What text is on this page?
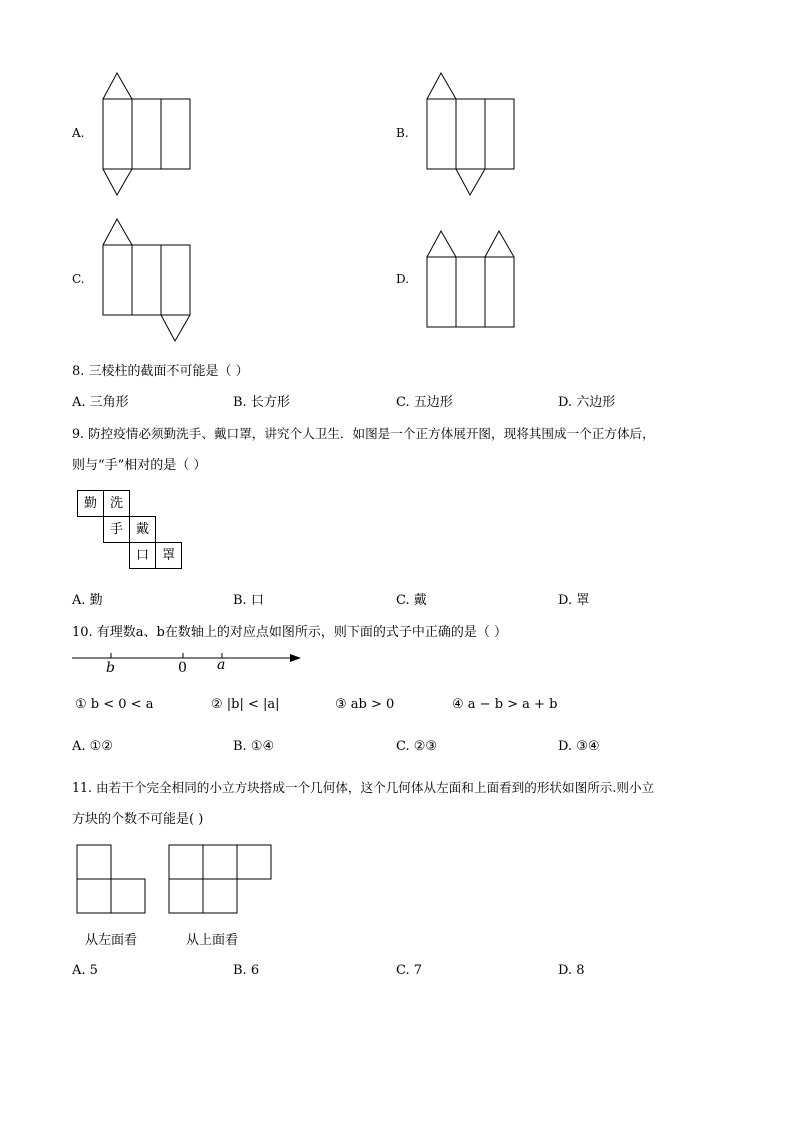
A.	B.
C.	D.
8. 三棱柱的截面不可能是（ ）
A. 三角形	B. 长方形	C. 五边形	D. 六边形
9. 防控疫情必须勤洗手、戴口罩，讲究个人卫生．如图是一个正方体展开图，现将其围成一个正方体后，
则与“手”相对的是（ ）
勤 洗
手 戴
口 罩
A. 勤	B. 口	C. 戴	D. 罩
10. 有理数a、b在数轴上的对应点如图所示，则下面的式子中正确的是（ ）
b	0 a
① b < 0 < a	② |b| < |a|	③ ab > 0	④ a − b > a + b
A. ①②	B. ①④	C. ②③	D. ③④
11. 由若干个完全相同的小立方块搭成一个几何体，这个几何体从左面和上面看到的形状如图所示.则小立
方块的个数不可能是( )
从左面看	从上面看
A. 5	B. 6	C. 7	D. 8
